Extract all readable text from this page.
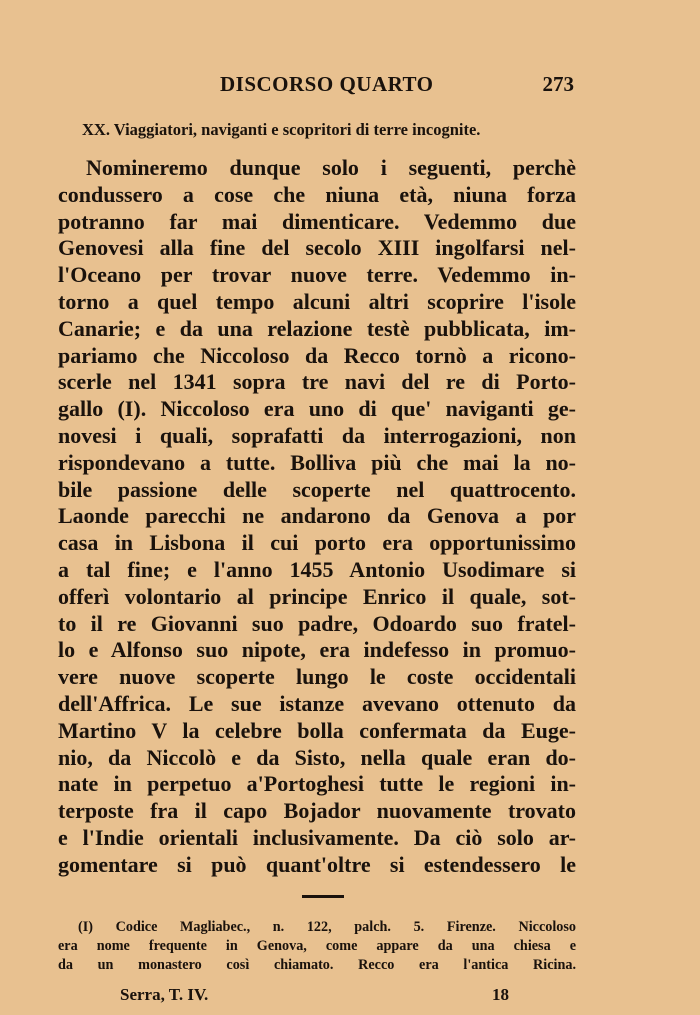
DISCORSO QUARTO	273
XX. Viaggiatori, naviganti e scopritori di terre incognite.
Nomineremo dunque solo i seguenti, perchè
condussero a cose che niuna età, niuna forza
potranno far mai dimenticare. Vedemmo due
Genovesi alla fine del secolo XIII ingolfarsi nel-
l'Oceano per trovar nuove terre. Vedemmo in-
torno a quel tempo alcuni altri scoprire l'isole
Canarie; e da una relazione testè pubblicata, im-
pariamo che Niccoloso da Recco tornò a ricono-
scerle nel 1341 sopra tre navi del re di Porto-
gallo (I). Niccoloso era uno di que' naviganti ge-
novesi i quali, soprafatti da interrogazioni, non
rispondevano a tutte. Bolliva più che mai la no-
bile passione delle scoperte nel quattrocento.
Laonde parecchi ne andarono da Genova a por
casa in Lisbona il cui porto era opportunissimo
a tal fine; e l'anno 1455 Antonio Usodimare si
offerì volontario al principe Enrico il quale, sot-
to il re Giovanni suo padre, Odoardo suo fratel-
lo e Alfonso suo nipote, era indefesso in promuo-
vere nuove scoperte lungo le coste occidentali
dell'Affrica. Le sue istanze avevano ottenuto da
Martino V la celebre bolla confermata da Euge-
nio, da Niccolò e da Sisto, nella quale eran do-
nate in perpetuo a'Portoghesi tutte le regioni in-
terposte fra il capo Bojador nuovamente trovato
e l'Indie orientali inclusivamente. Da ciò solo ar-
gomentare si può quant'oltre si estendessero le
(I) Codice Magliabec., n. 122, palch. 5. Firenze. Niccoloso
era nome frequente in Genova, come appare da una chiesa e
da un monastero così chiamato. Recco era l'antica Ricina.
Serra, T. IV.	18
